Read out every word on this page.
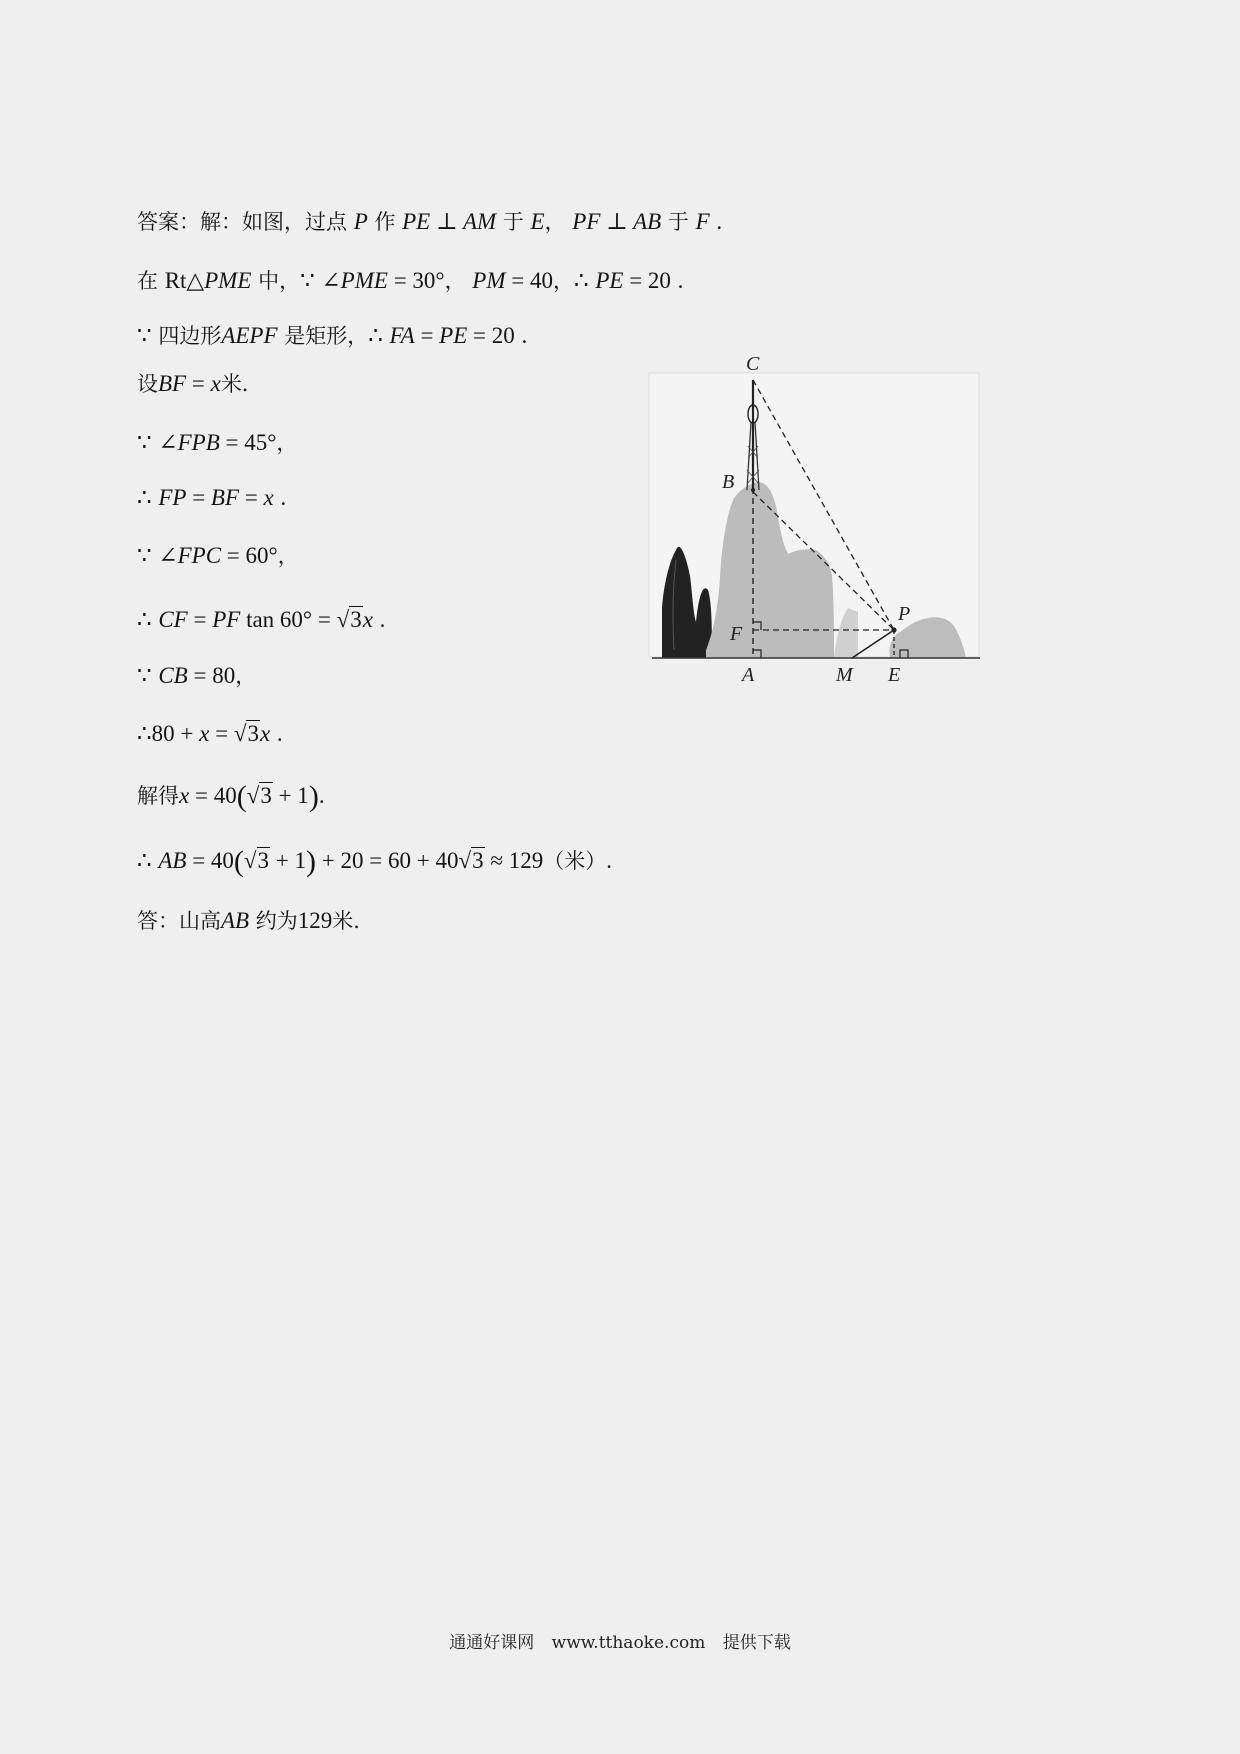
答案：解：如图，过点 P 作 PE ⊥ AM 于 E， PF ⊥ AB 于 F .
在 Rt△PME 中，∵ ∠PME = 30°， PM = 40，∴ PE = 20 .
∵ 四边形AEPF 是矩形，∴ FA = PE = 20 .
设BF = x米.
∵ ∠FPB = 45°，
∴ FP = BF = x .
∵ ∠FPC = 60°，
∴ CF = PF tan 60° = √3x .
∵ CB = 80，
∴80 + x = √3x .
解得x = 40(√3 + 1).
∴ AB = 40(√3 + 1) + 20 = 60 + 40√3 ≈ 129（米）.
答：山高AB 约为129米.
C
B
P
F
A	M E
通通好课网 www.tthaoke.com 提供下载
